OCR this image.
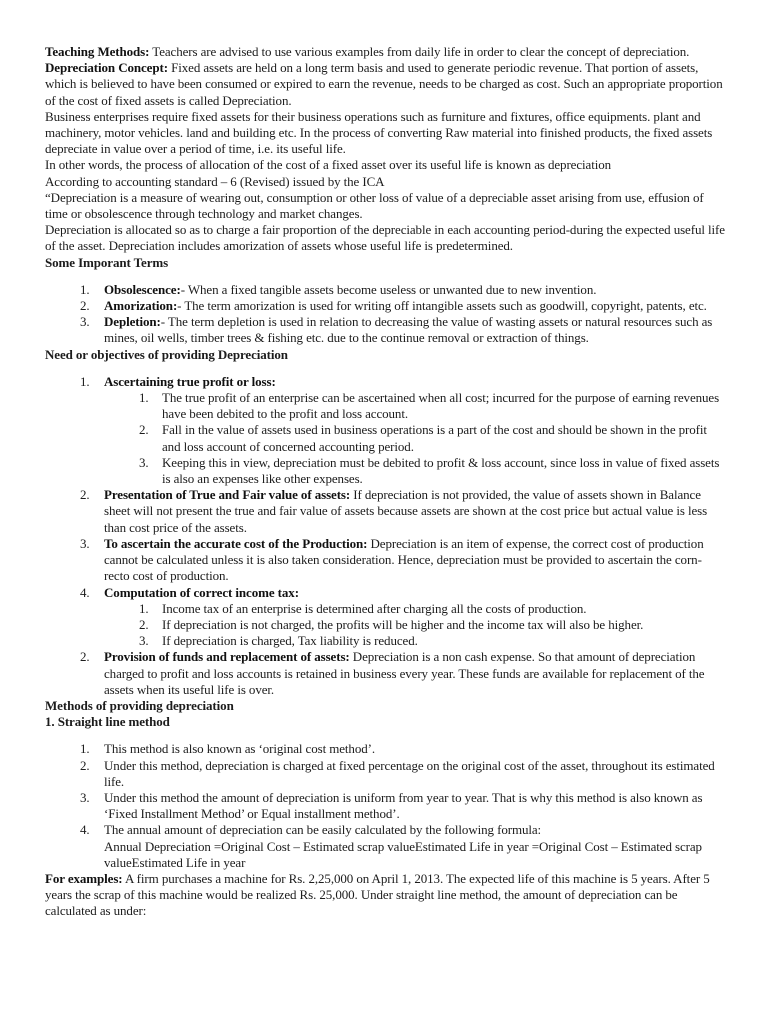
Teaching Methods: Teachers are advised to use various examples from daily life in order to clear the concept of depreciation.

Depreciation Concept: Fixed assets are held on a long term basis and used to generate periodic revenue. That portion of assets, which is believed to have been consumed or expired to earn the revenue, needs to be charged as cost. Such an appropriate proportion of the cost of fixed assets is called Depreciation.

Business enterprises require fixed assets for their business operations such as furniture and fixtures, office equipments. plant and machinery, motor vehicles. land and building etc. In the process of converting Raw material into finished products, the fixed assets depreciate in value over a period of time, i.e. its useful life.

In other words, the process of allocation of the cost of a fixed asset over its useful life is known as depreciation

According to accounting standard – 6 (Revised) issued by the ICA

“Depreciation is a measure of wearing out, consumption or other loss of value of a depreciable asset arising from use, effusion of time or obsolescence through technology and market changes.

Depreciation is allocated so as to charge a fair proportion of the depreciable in each accounting period-during the expected useful life of the asset. Depreciation includes amorization of assets whose useful life is predetermined.

Some Imporant Terms

1. Obsolescence:- When a fixed tangible assets become useless or unwanted due to new invention.
2. Amorization:- The term amorization is used for writing off intangible assets such as goodwill, copyright, patents, etc.
3. Depletion:- The term depletion is used in relation to decreasing the value of wasting assets or natural resources such as mines, oil wells, timber trees & fishing etc. due to the continue removal or extraction of things.

Need or objectives of providing Depreciation

1. Ascertaining true profit or loss:
1. The true profit of an enterprise can be ascertained when all cost; incurred for the purpose of earning revenues have been debited to the profit and loss account.
2. Fall in the value of assets used in business operations is a part of the cost and should be shown in the profit and loss account of concerned accounting period.
3. Keeping this in view, depreciation must be debited to profit & loss account, since loss in value of fixed assets is also an expenses like other expenses.
2. Presentation of True and Fair value of assets: If depreciation is not provided, the value of assets shown in Balance sheet will not present the true and fair value of assets because assets are shown at the cost price but actual value is less than cost price of the assets.
3. To ascertain the accurate cost of the Production: Depreciation is an item of expense, the correct cost of production cannot be calculated unless it is also taken consideration. Hence, depreciation must be provided to ascertain the corn- recto cost of production.
4. Computation of correct income tax:
1. Income tax of an enterprise is determined after charging all the costs of production.
2. If depreciation is not charged, the profits will be higher and the income tax will also be higher.
3. If depreciation is charged, Tax liability is reduced.
2. Provision of funds and replacement of assets: Depreciation is a non cash expense. So that amount of depreciation charged to profit and loss accounts is retained in business every year. These funds are available for replacement of the assets when its useful life is over.

Methods of providing depreciation

1. Straight line method

1. This method is also known as ‘original cost method’.
2. Under this method, depreciation is charged at fixed percentage on the original cost of the asset, throughout its estimated life.
3. Under this method the amount of depreciation is uniform from year to year. That is why this method is also known as ‘Fixed Installment Method’ or Equal installment method’.
4. The annual amount of depreciation can be easily calculated by the following formula:
Annual Depreciation =Original Cost – Estimated scrap valueEstimated Life in year =Original Cost – Estimated scrap valueEstimated Life in year

For examples: A firm purchases a machine for Rs. 2,25,000 on April 1, 2013. The expected life of this machine is 5 years. After 5 years the scrap of this machine would be realized Rs. 25,000. Under straight line method, the amount of depreciation can be calculated as under:
